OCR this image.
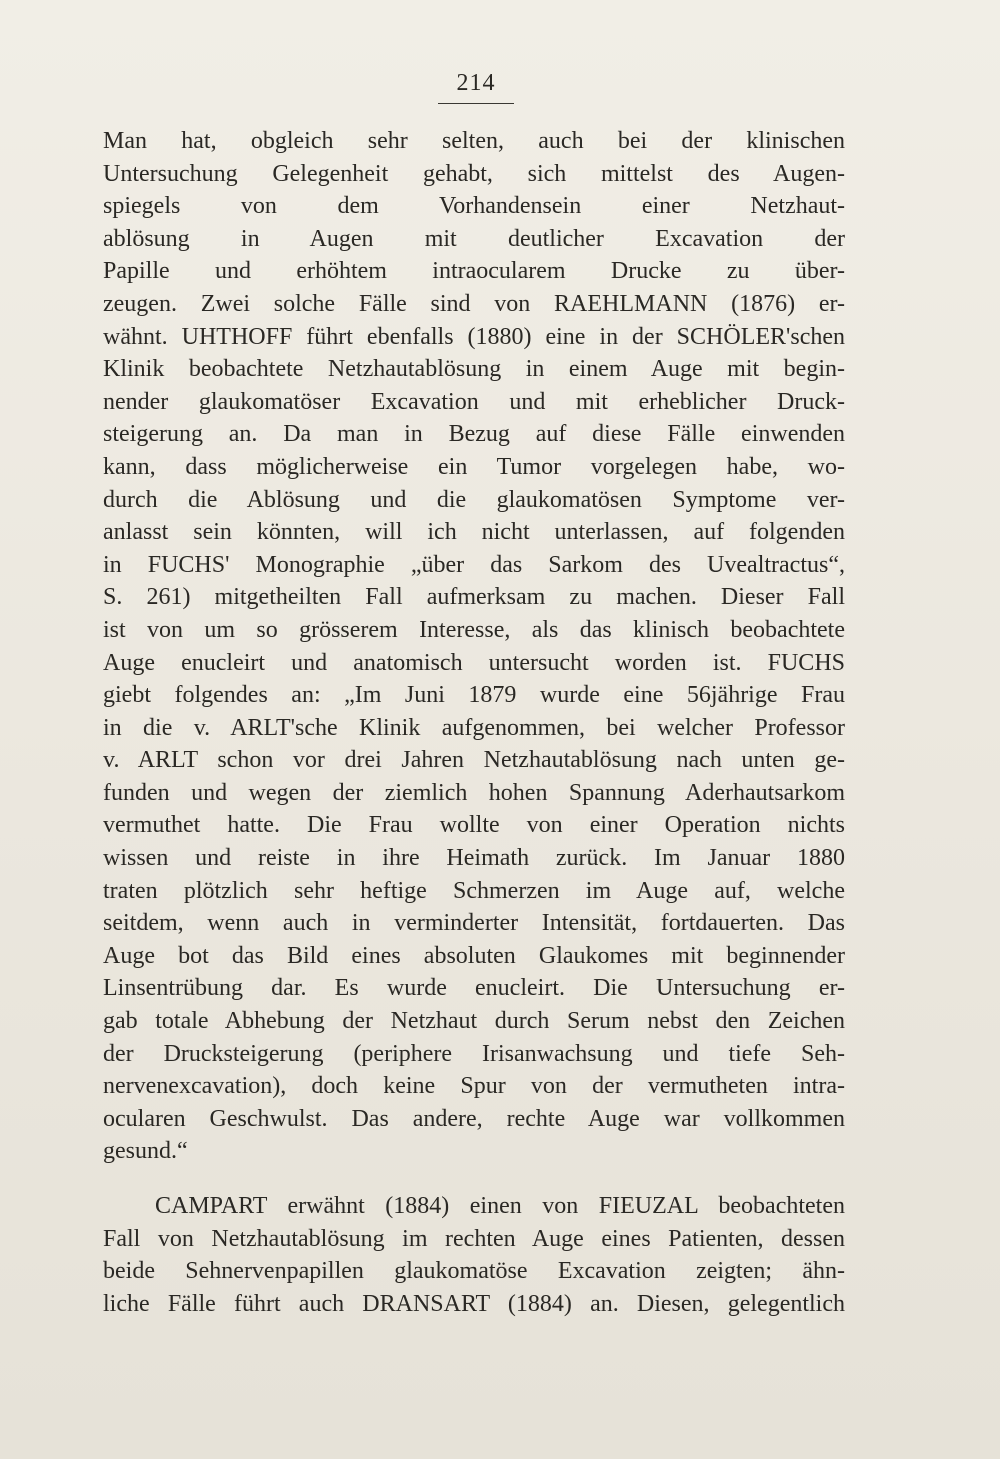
214
Man hat, obgleich sehr selten, auch bei der klinischen
Untersuchung Gelegenheit gehabt, sich mittelst des Augen-
spiegels von dem Vorhandensein einer Netzhaut-
ablösung in Augen mit deutlicher Excavation der
Papille und erhöhtem intraocularem Drucke zu über-
zeugen. Zwei solche Fälle sind von RAEHLMANN (1876) er-
wähnt. UHTHOFF führt ebenfalls (1880) eine in der SCHÖLER'schen
Klinik beobachtete Netzhautablösung in einem Auge mit begin-
nender glaukomatöser Excavation und mit erheblicher Druck-
steigerung an. Da man in Bezug auf diese Fälle einwenden
kann, dass möglicherweise ein Tumor vorgelegen habe, wo-
durch die Ablösung und die glaukomatösen Symptome ver-
anlasst sein könnten, will ich nicht unterlassen, auf folgenden
in FUCHS' Monographie „über das Sarkom des Uvealtractus“,
S. 261) mitgetheilten Fall aufmerksam zu machen. Dieser Fall
ist von um so grösserem Interesse, als das klinisch beobachtete
Auge enucleirt und anatomisch untersucht worden ist. FUCHS
giebt folgendes an: „Im Juni 1879 wurde eine 56jährige Frau
in die v. ARLT'sche Klinik aufgenommen, bei welcher Professor
v. ARLT schon vor drei Jahren Netzhautablösung nach unten ge-
funden und wegen der ziemlich hohen Spannung Aderhautsarkom
vermuthet hatte. Die Frau wollte von einer Operation nichts
wissen und reiste in ihre Heimath zurück. Im Januar 1880
traten plötzlich sehr heftige Schmerzen im Auge auf, welche
seitdem, wenn auch in verminderter Intensität, fortdauerten. Das
Auge bot das Bild eines absoluten Glaukomes mit beginnender
Linsentrübung dar. Es wurde enucleirt. Die Untersuchung er-
gab totale Abhebung der Netzhaut durch Serum nebst den Zeichen
der Drucksteigerung (periphere Irisanwachsung und tiefe Seh-
nervenexcavation), doch keine Spur von der vermutheten intra-
ocularen Geschwulst. Das andere, rechte Auge war vollkommen
gesund.“
CAMPART erwähnt (1884) einen von FIEUZAL beobachteten
Fall von Netzhautablösung im rechten Auge eines Patienten, dessen
beide Sehnervenpapillen glaukomatöse Excavation zeigten; ähn-
liche Fälle führt auch DRANSART (1884) an. Diesen, gelegentlich
